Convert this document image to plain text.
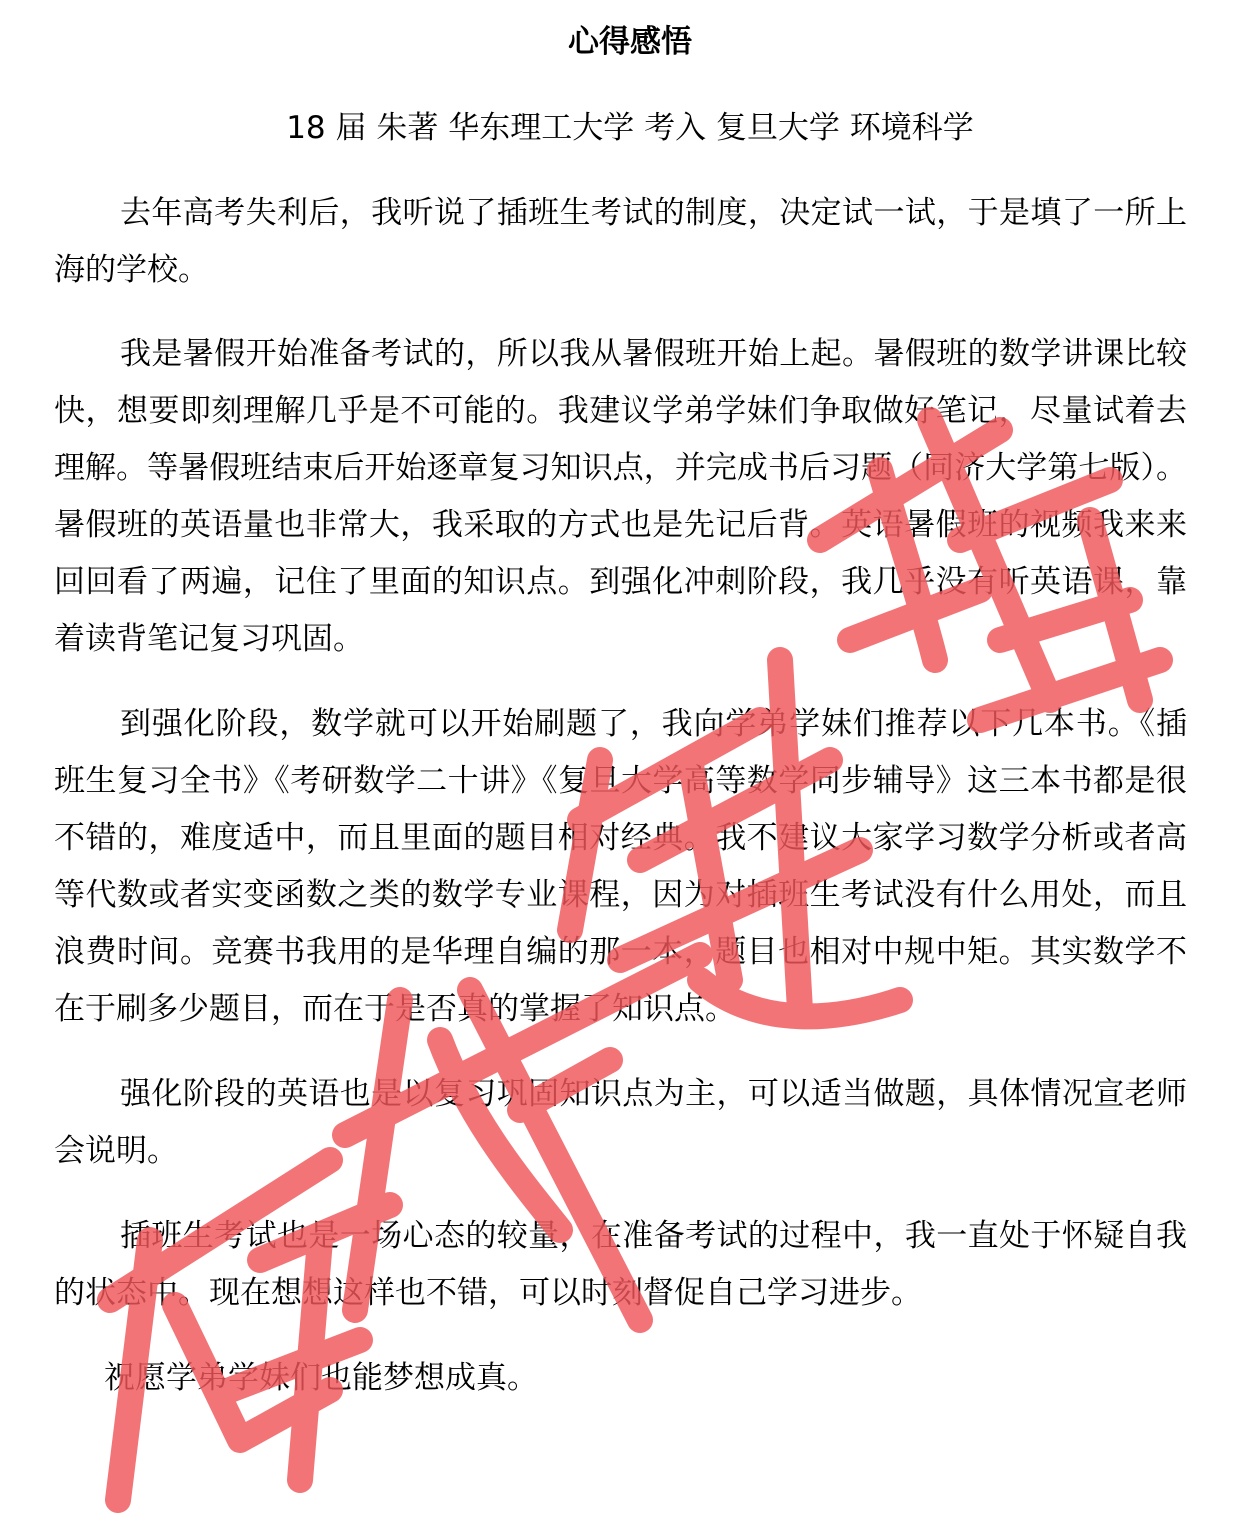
心得感悟
18 届 朱著 华东理工大学 考入 复旦大学 环境科学

去年高考失利后，我听说了插班生考试的制度，决定试一试，于是填了一所上海的学校。

我是暑假开始准备考试的，所以我从暑假班开始上起。暑假班的数学讲课比较快，想要即刻理解几乎是不可能的。我建议学弟学妹们争取做好笔记，尽量试着去理解。等暑假班结束后开始逐章复习知识点，并完成书后习题（同济大学第七版）。暑假班的英语量也非常大，我采取的方式也是先记后背。英语暑假班的视频我来来回回看了两遍，记住了里面的知识点。到强化冲刺阶段，我几乎没有听英语课，靠着读背笔记复习巩固。

到强化阶段，数学就可以开始刷题了，我向学弟学妹们推荐以下几本书。《插班生复习全书》《考研数学二十讲》《复旦大学高等数学同步辅导》这三本书都是很不错的，难度适中，而且里面的题目相对经典。我不建议大家学习数学分析或者高等代数或者实变函数之类的数学专业课程，因为对插班生考试没有什么用处，而且浪费时间。竞赛书我用的是华理自编的那一本，题目也相对中规中矩。其实数学不在于刷多少题目，而在于是否真的掌握了知识点。

强化阶段的英语也是以复习巩固知识点为主，可以适当做题，具体情况宣老师会说明。

插班生考试也是一场心态的较量，在准备考试的过程中，我一直处于怀疑自我的状态中。现在想想这样也不错，可以时刻督促自己学习进步。

祝愿学弟学妹们也能梦想成真。
